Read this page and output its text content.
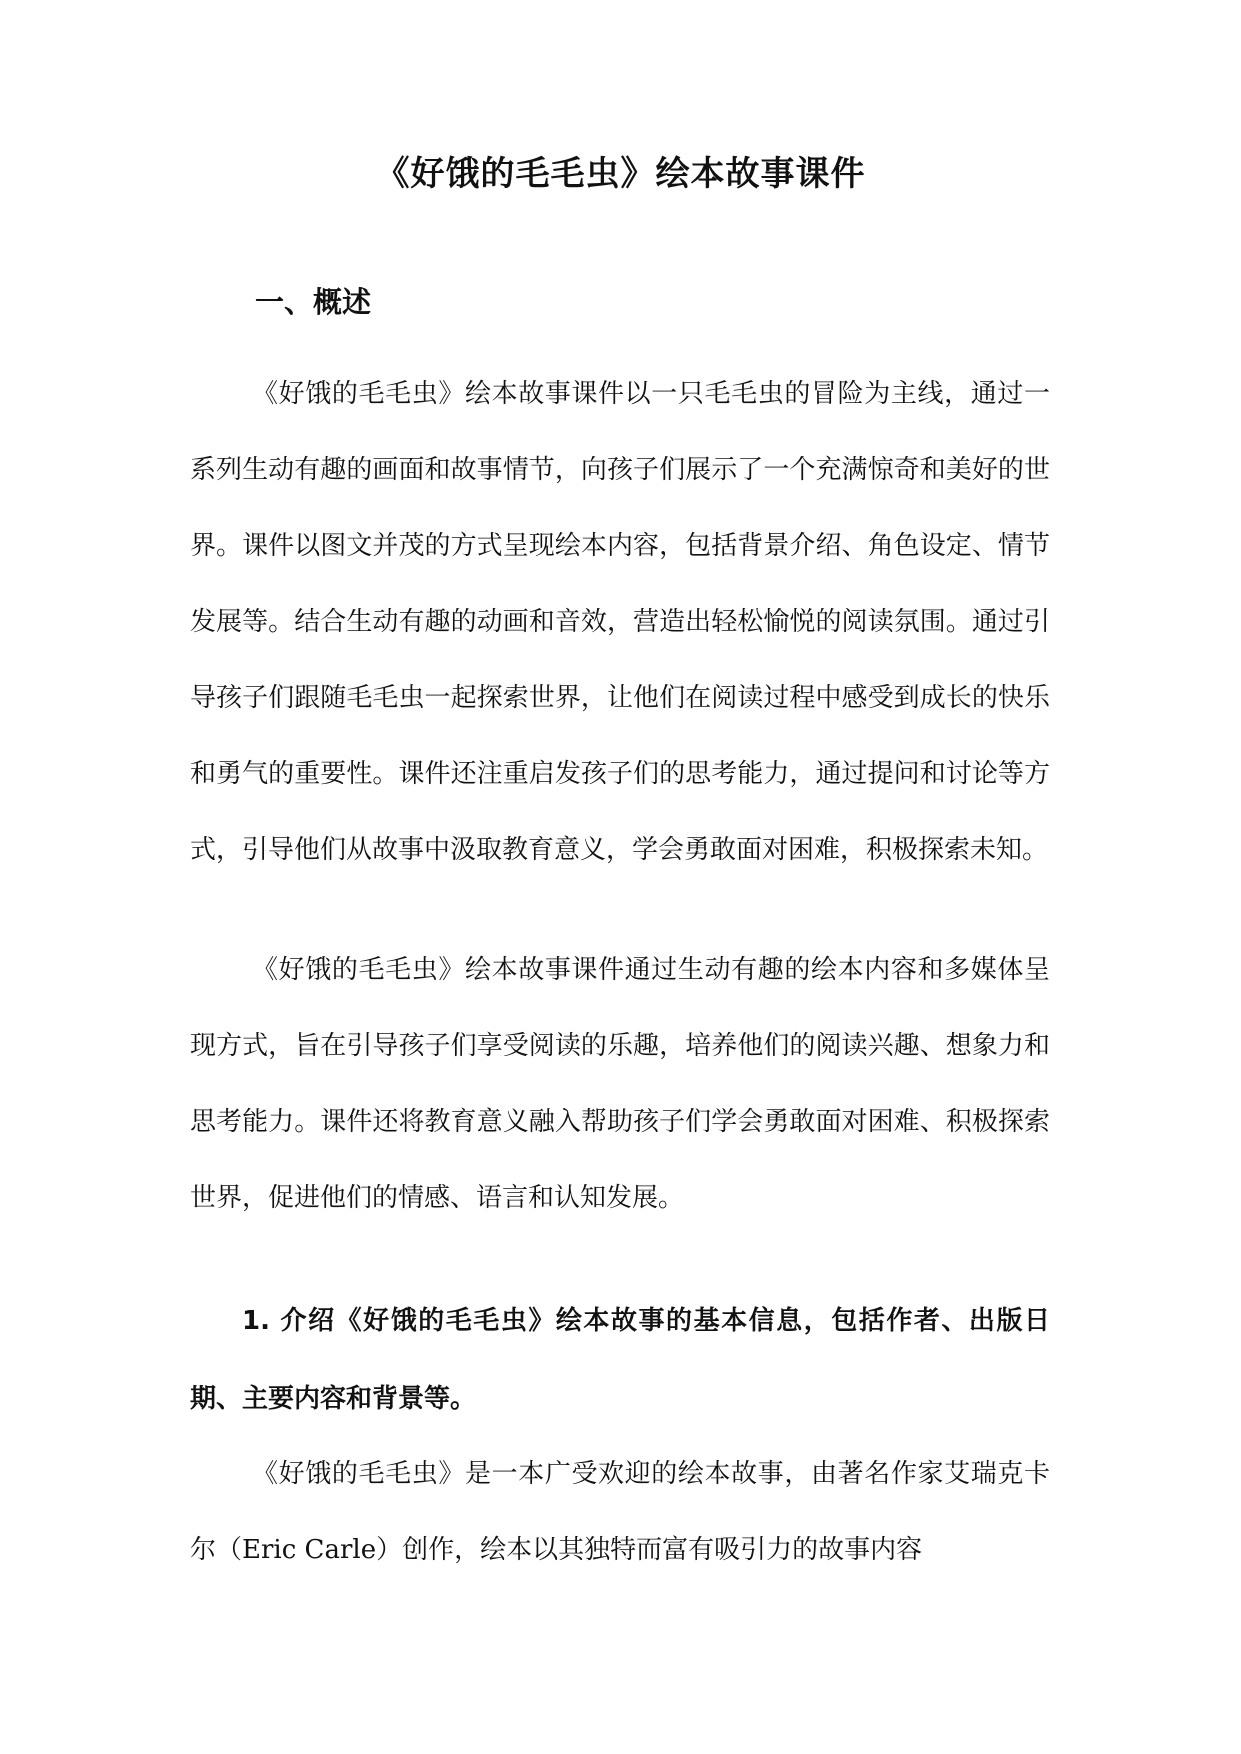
《好饿的毛毛虫》绘本故事课件
一、概述

《好饿的毛毛虫》绘本故事课件以一只毛毛虫的冒险为主线，通过一系列生动有趣的画面和故事情节，向孩子们展示了一个充满惊奇和美好的世界。课件以图文并茂的方式呈现绘本内容，包括背景介绍、角色设定、情节发展等。结合生动有趣的动画和音效，营造出轻松愉悦的阅读氛围。通过引导孩子们跟随毛毛虫一起探索世界，让他们在阅读过程中感受到成长的快乐和勇气的重要性。课件还注重启发孩子们的思考能力，通过提问和讨论等方式，引导他们从故事中汲取教育意义，学会勇敢面对困难，积极探索未知。

《好饿的毛毛虫》绘本故事课件通过生动有趣的绘本内容和多媒体呈现方式，旨在引导孩子们享受阅读的乐趣，培养他们的阅读兴趣、想象力和思考能力。课件还将教育意义融入帮助孩子们学会勇敢面对困难、积极探索世界，促进他们的情感、语言和认知发展。

1. 介绍《好饿的毛毛虫》绘本故事的基本信息，包括作者、出版日期、主要内容和背景等。

《好饿的毛毛虫》是一本广受欢迎的绘本故事，由著名作家艾瑞克卡尔（Eric Carle）创作，绘本以其独特而富有吸引力的故事内容
